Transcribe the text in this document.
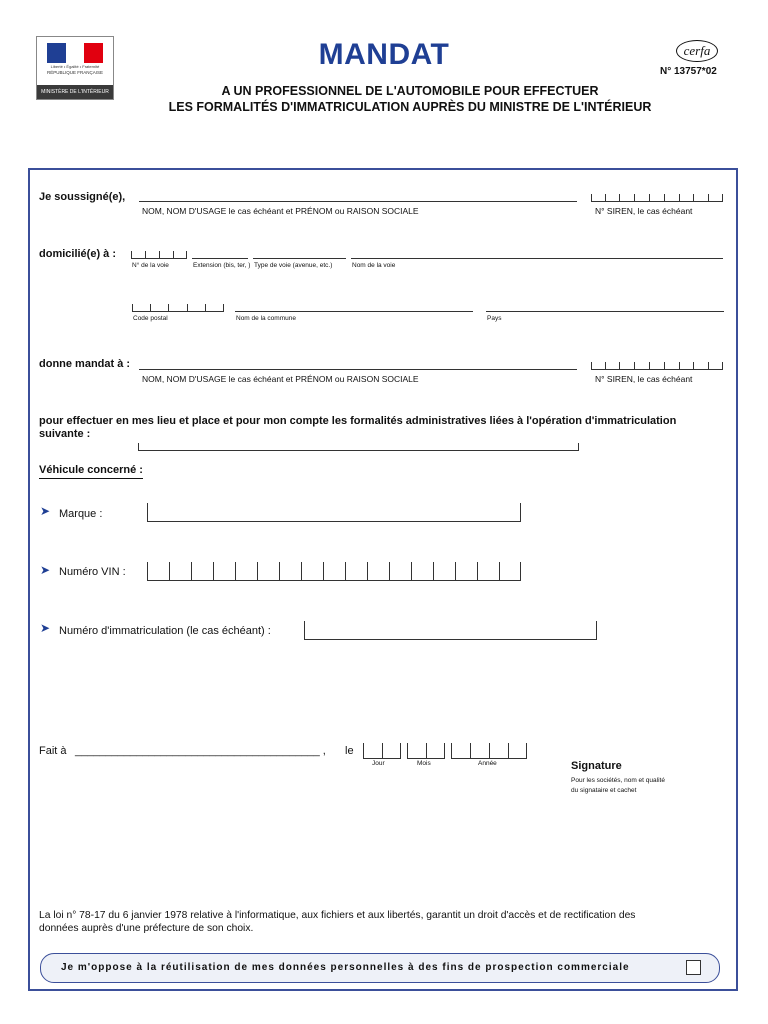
Liberté • Égalité • Fraternité
RÉPUBLIQUE FRANÇAISE
MINISTÈRE DE L'INTÉRIEUR
MANDAT
A UN PROFESSIONNEL DE L'AUTOMOBILE POUR EFFECTUER
LES FORMALITÉS D'IMMATRICULATION AUPRÈS DU MINISTRE DE L'INTÉRIEUR
cerfa
N° 13757*02
Je soussigné(e),
NOM, NOM D'USAGE le cas échéant et PRÉNOM ou RAISON SOCIALE	N° SIREN, le cas échéant
domicilié(e) à :
N° de la voie	Extension (bis, ter, ) Type de voie (avenue, etc.)	Nom de la voie
Code postal	Nom de la commune	Pays
donne mandat à :
NOM, NOM D'USAGE le cas échéant et PRÉNOM ou RAISON SOCIALE	N° SIREN, le cas échéant
pour effectuer en mes lieu et place et pour mon compte les formalités administratives liées à l'opération d'immatriculation
suivante :
Véhicule concerné :
➤ Marque :
➤ Numéro VIN :
➤ Numéro d'immatriculation (le cas échéant) :
Fait à ________________________________________ , le
Jour	Mois	Année	Signature
Pour les sociétés, nom et qualité
du signataire et cachet
La loi n° 78-17 du 6 janvier 1978 relative à l'informatique, aux fichiers et aux libertés, garantit un droit d'accès et de rectification des
données auprès d'une préfecture de son choix.
Je m'oppose à la réutilisation de mes données personnelles à des fins de prospection commerciale
